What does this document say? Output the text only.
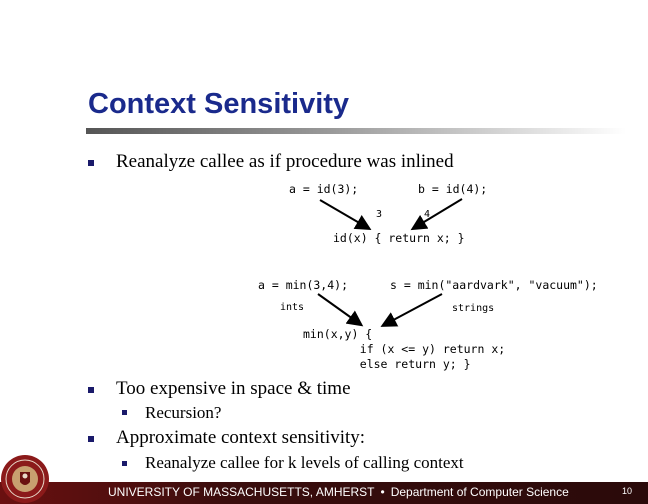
Context Sensitivity
Reanalyze callee as if procedure was inlined
a = id(3);	b = id(4);
3	4
id(x) { return x; }
a = min(3,4);	s = min("aardvark", "vacuum");
ints	strings
min(x,y) {
if (x <= y) return x;
else return y; }
Too expensive in space & time
Recursion?
Approximate context sensitivity:
Reanalyze callee for k levels of calling context
UNIVERSITY OF MASSACHUSETTS, AMHERST • Department of Computer Science	10
